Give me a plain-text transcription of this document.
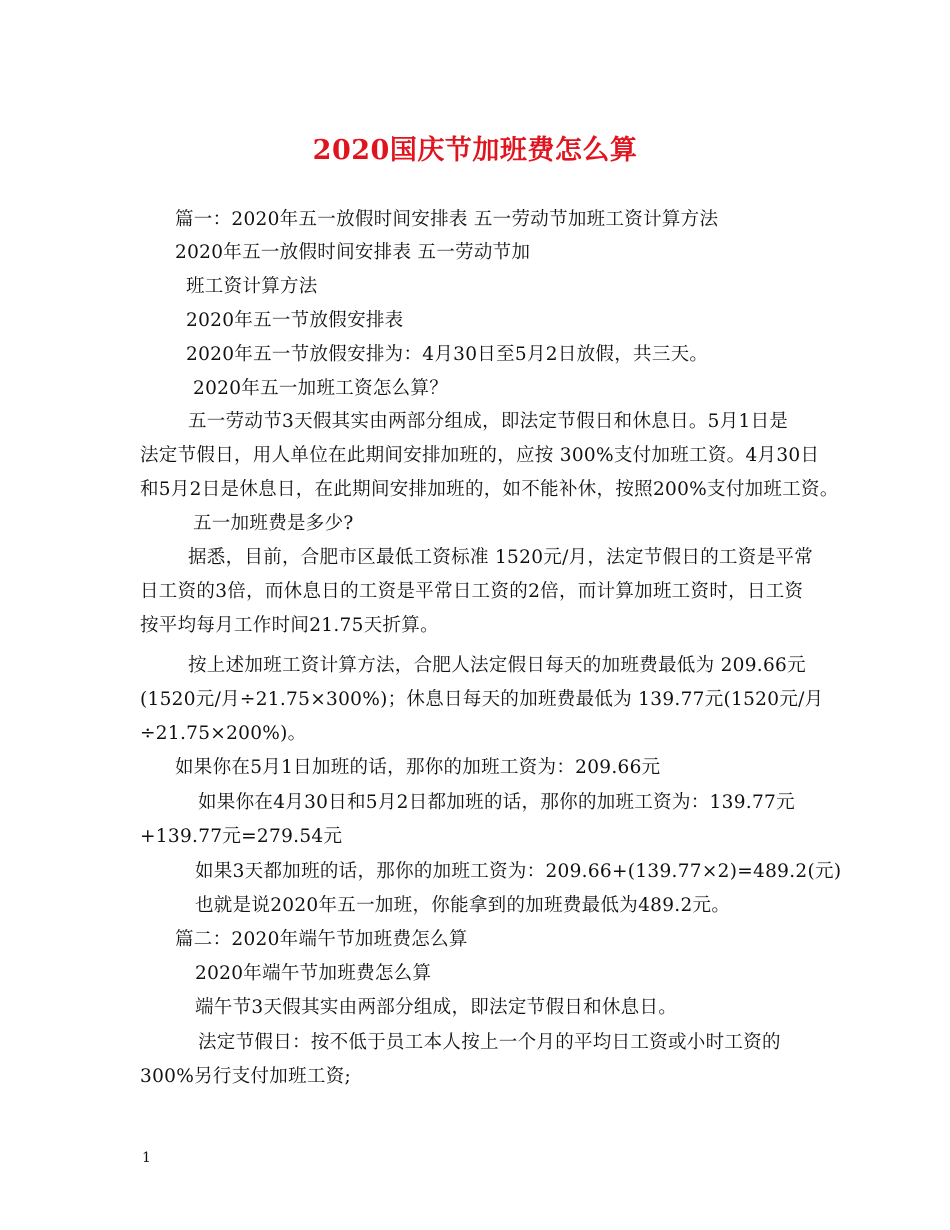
2020国庆节加班费怎么算
篇一：2020年五一放假时间安排表 五一劳动节加班工资计算方法
2020年五一放假时间安排表 五一劳动节加
班工资计算方法
2020年五一节放假安排表
2020年五一节放假安排为：4月30日至5月2日放假，共三天。
2020年五一加班工资怎么算？
五一劳动节3天假其实由两部分组成，即法定节假日和休息日。5月1日是
法定节假日，用人单位在此期间安排加班的，应按 300%支付加班工资。4月30日
和5月2日是休息日，在此期间安排加班的，如不能补休，按照200%支付加班工资。
五一加班费是多少?
据悉，目前，合肥市区最低工资标准 1520元/月，法定节假日的工资是平常
日工资的3倍，而休息日的工资是平常日工资的2倍，而计算加班工资时，日工资
按平均每月工作时间21.75天折算。
按上述加班工资计算方法，合肥人法定假日每天的加班费最低为 209.66元
(1520元/月÷21.75×300%)；休息日每天的加班费最低为 139.77元(1520元/月
÷21.75×200%)。
如果你在5月1日加班的话，那你的加班工资为：209.66元
如果你在4月30日和5月2日都加班的话，那你的加班工资为：139.77元
+139.77元=279.54元
如果3天都加班的话，那你的加班工资为：209.66+(139.77×2)=489.2(元)
也就是说2020年五一加班，你能拿到的加班费最低为489.2元。
篇二：2020年端午节加班费怎么算
2020年端午节加班费怎么算
端午节3天假其实由两部分组成，即法定节假日和休息日。
法定节假日：按不低于员工本人按上一个月的平均日工资或小时工资的
300%另行支付加班工资;
1
